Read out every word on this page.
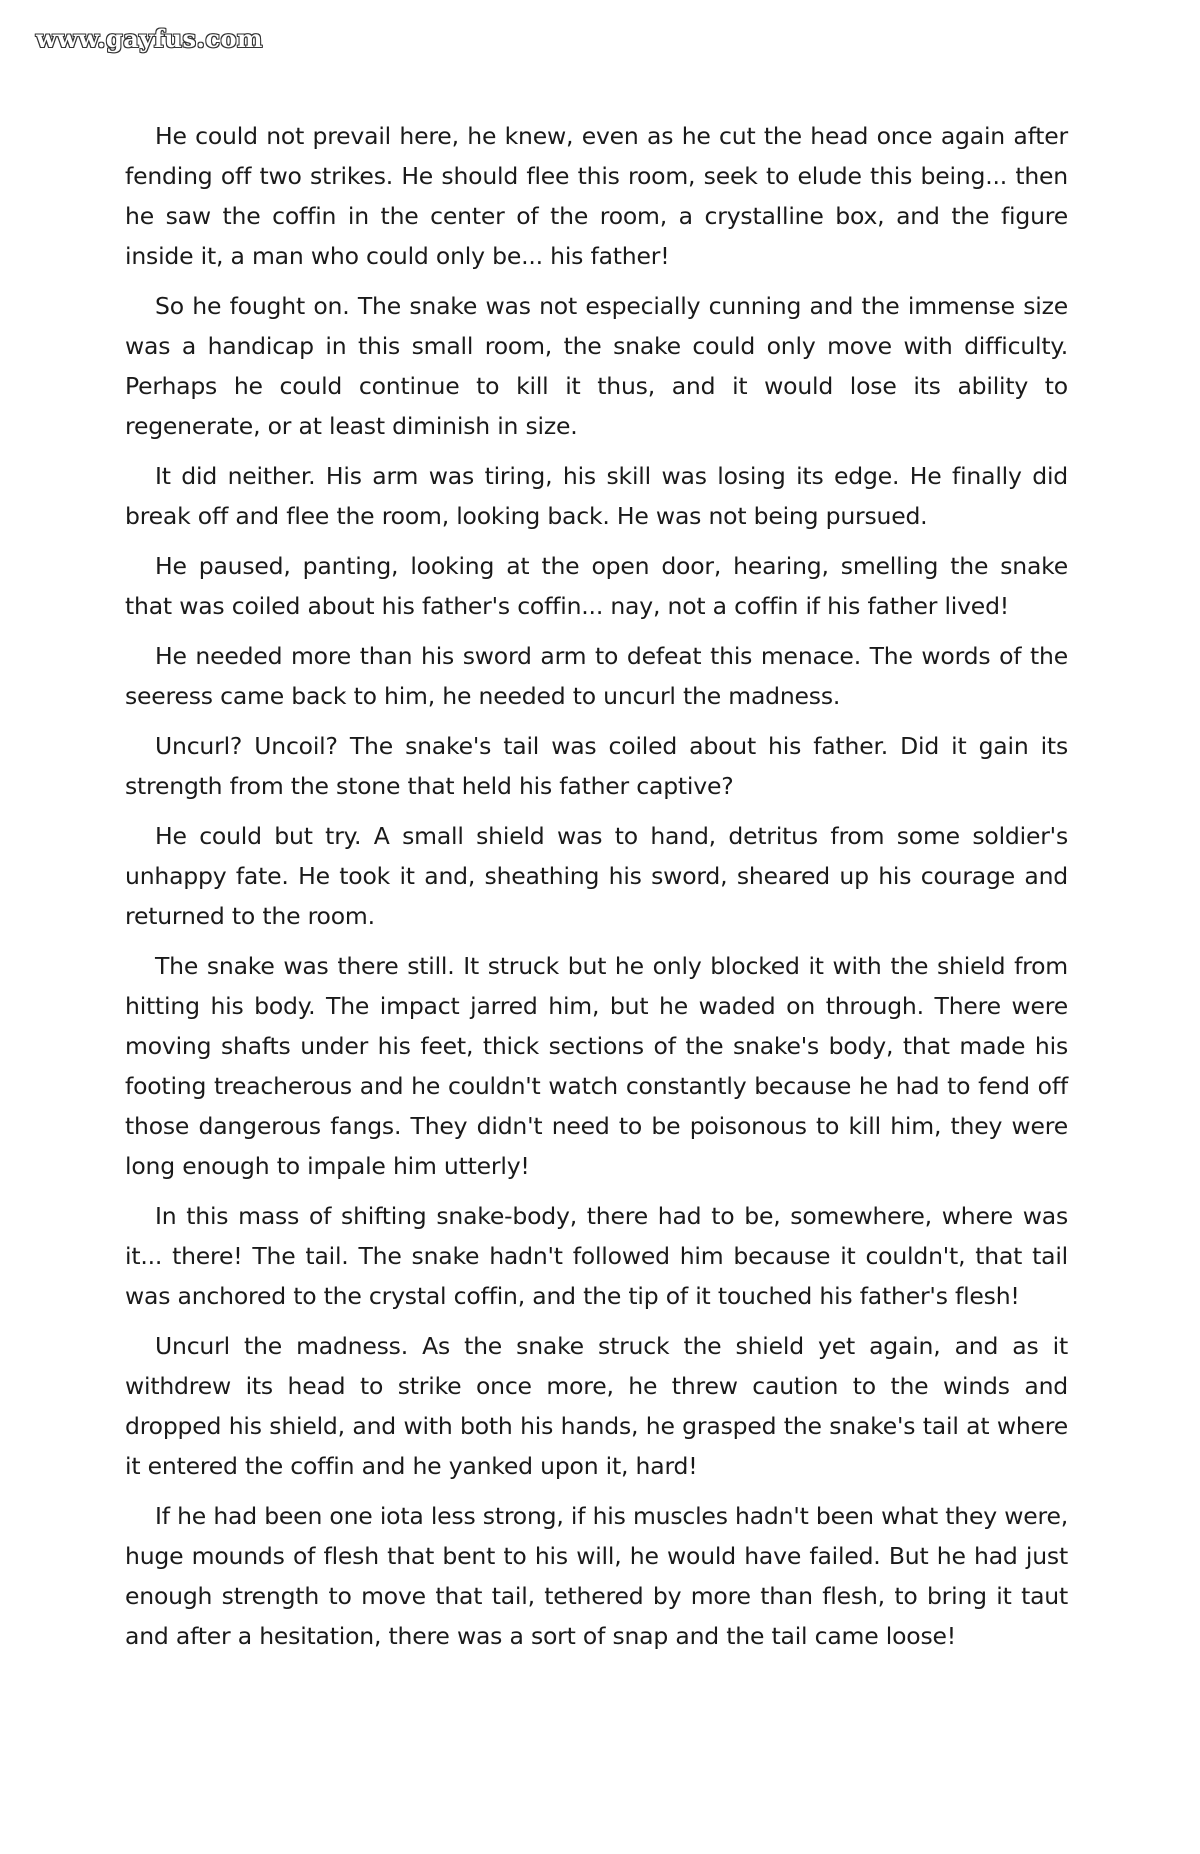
www.gayfus.com

He could not prevail here, he knew, even as he cut the head once again after fending off two strikes. He should flee this room, seek to elude this being... then he saw the coffin in the center of the room, a crystalline box, and the figure inside it, a man who could only be... his father!

So he fought on. The snake was not especially cunning and the immense size was a handicap in this small room, the snake could only move with difficulty. Perhaps he could continue to kill it thus, and it would lose its ability to regenerate, or at least diminish in size.

It did neither. His arm was tiring, his skill was losing its edge. He finally did break off and flee the room, looking back. He was not being pursued.

He paused, panting, looking at the open door, hearing, smelling the snake that was coiled about his father's coffin... nay, not a coffin if his father lived!

He needed more than his sword arm to defeat this menace. The words of the seeress came back to him, he needed to uncurl the madness.

Uncurl? Uncoil? The snake's tail was coiled about his father. Did it gain its strength from the stone that held his father captive?

He could but try. A small shield was to hand, detritus from some soldier's unhappy fate. He took it and, sheathing his sword, sheared up his courage and returned to the room.

The snake was there still. It struck but he only blocked it with the shield from hitting his body. The impact jarred him, but he waded on through. There were moving shafts under his feet, thick sections of the snake's body, that made his footing treacherous and he couldn't watch constantly because he had to fend off those dangerous fangs. They didn't need to be poisonous to kill him, they were long enough to impale him utterly!

In this mass of shifting snake-body, there had to be, somewhere, where was it... there! The tail. The snake hadn't followed him because it couldn't, that tail was anchored to the crystal coffin, and the tip of it touched his father's flesh!

Uncurl the madness. As the snake struck the shield yet again, and as it withdrew its head to strike once more, he threw caution to the winds and dropped his shield, and with both his hands, he grasped the snake's tail at where it entered the coffin and he yanked upon it, hard!

If he had been one iota less strong, if his muscles hadn't been what they were, huge mounds of flesh that bent to his will, he would have failed. But he had just enough strength to move that tail, tethered by more than flesh, to bring it taut and after a hesitation, there was a sort of snap and the tail came loose!
